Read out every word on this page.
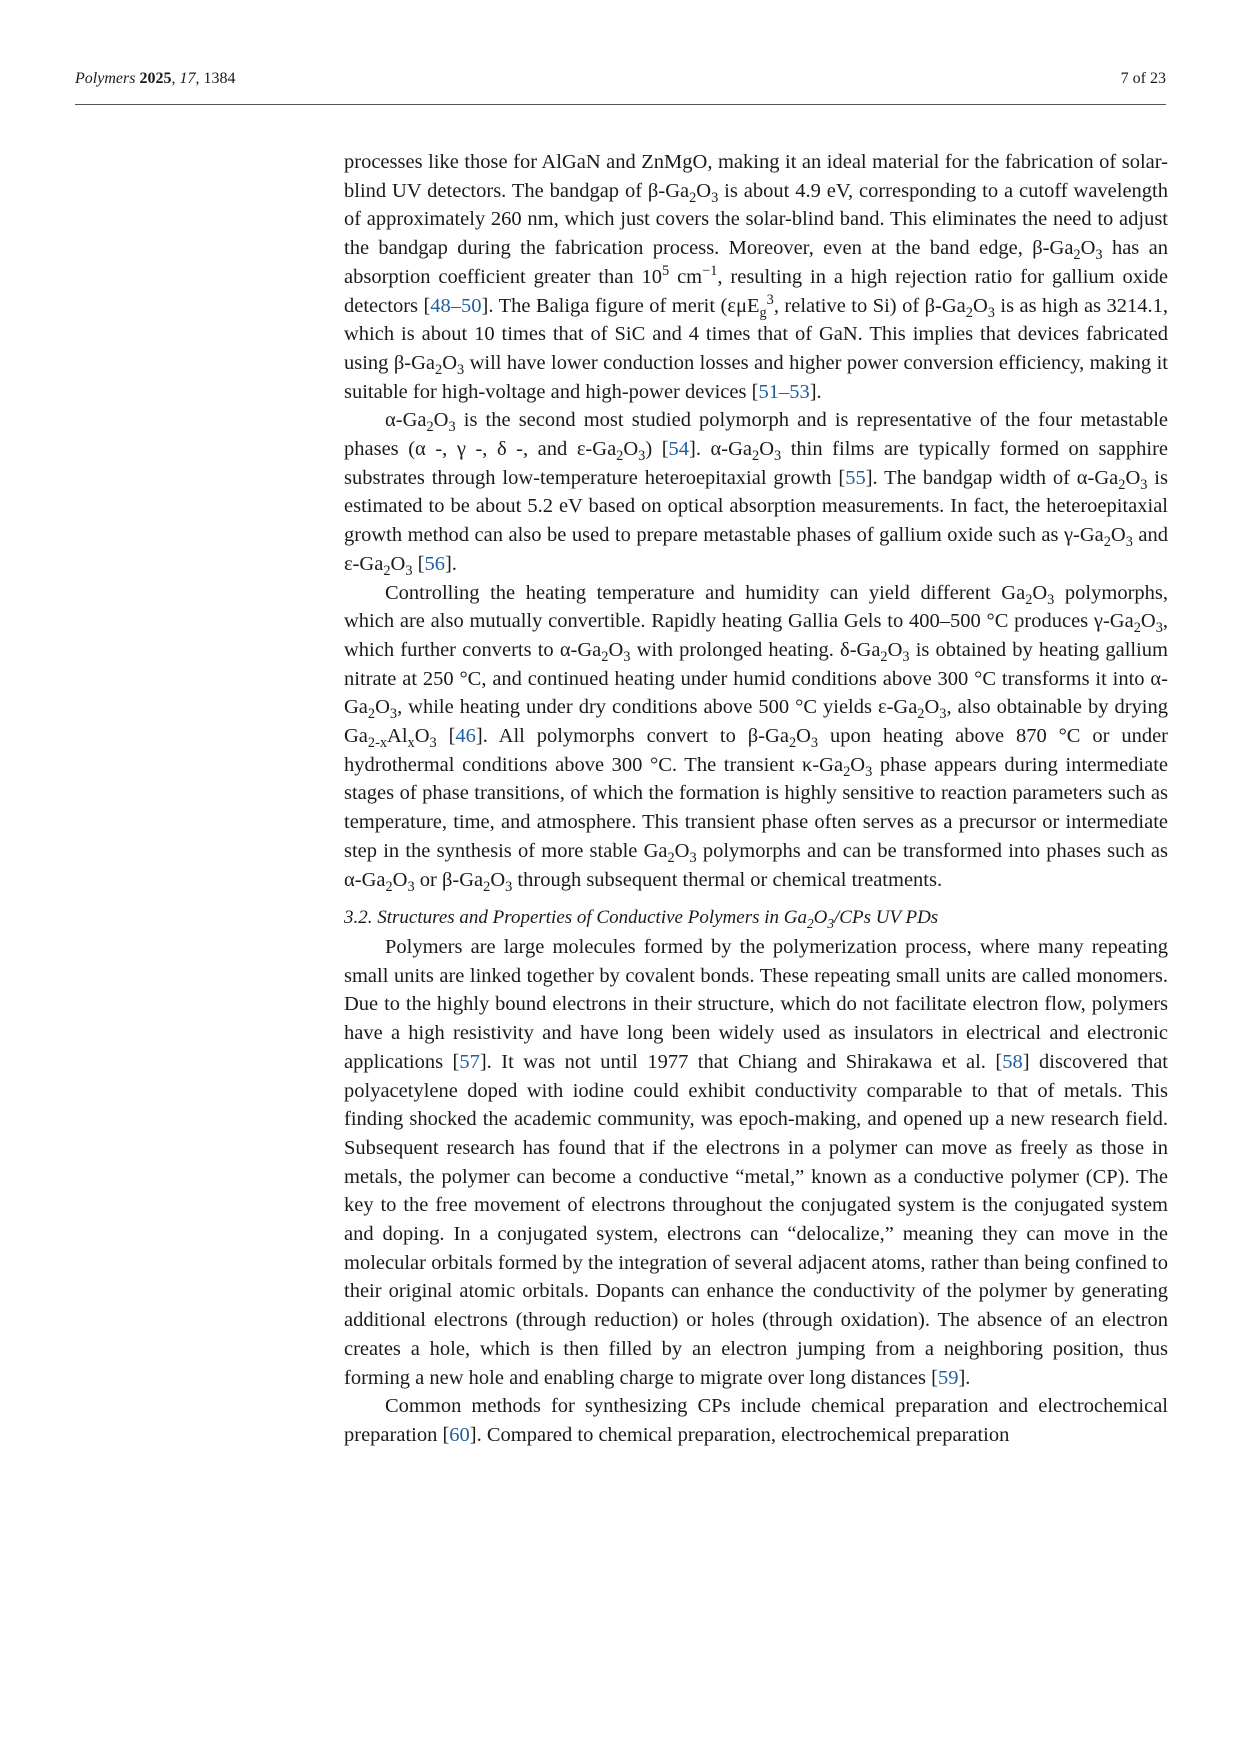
Polymers 2025, 17, 1384	7 of 23

processes like those for AlGaN and ZnMgO, making it an ideal material for the fabrication of solar-blind UV detectors. The bandgap of $\beta-Ga_2O_3$ is about 4.9 eV, corresponding to a cutoff wavelength of approximately 260 nm, which just covers the solar-blind band. This eliminates the need to adjust the bandgap during the fabrication process. Moreover, even at the band edge, $\beta-Ga_2O_3$ has an absorption coefficient greater than $10^5$ $cm^{-1}$, resulting in a high rejection ratio for gallium oxide detectors [48–50]. The Baliga figure of merit (εμE$_g^3$, relative to Si) of $\beta-Ga_2O_3$ is as high as 3214.1, which is about 10 times that of SiC and 4 times that of GaN. This implies that devices fabricated using $\beta-Ga_2O_3$ will have lower conduction losses and higher power conversion efficiency, making it suitable for high-voltage and high-power devices [51–53].

$\alpha-Ga_2O_3$ is the second most studied polymorph and is representative of the four metastable phases (α -, γ -, δ -, and $\varepsilon-Ga_2O_3$) [54]. $\alpha-Ga_2O_3$ thin films are typically formed on sapphire substrates through low-temperature heteroepitaxial growth [55]. The bandgap width of $\alpha-Ga_2O_3$ is estimated to be about 5.2 eV based on optical absorption measurements. In fact, the heteroepitaxial growth method can also be used to prepare metastable phases of gallium oxide such as $\gamma-Ga_2O_3$ and $\varepsilon-Ga_2O_3$ [56].

Controlling the heating temperature and humidity can yield different $Ga_2O_3$ polymorphs, which are also mutually convertible. Rapidly heating Gallia Gels to 400–500 °C produces $\gamma-Ga_2O_3$, which further converts to $\alpha-Ga_2O_3$ with prolonged heating. $\delta-Ga_2O_3$ is obtained by heating gallium nitrate at 250 °C, and continued heating under humid conditions above 300 °C transforms it into $\alpha-Ga_2O_3$, while heating under dry conditions above 500 °C yields $\varepsilon-Ga_2O_3$, also obtainable by drying $Ga_{2-x}Al_xO_3$ [46]. All polymorphs convert to $\beta-Ga_2O_3$ upon heating above 870 °C or under hydrothermal conditions above 300 °C. The transient $\kappa-Ga_2O_3$ phase appears during intermediate stages of phase transitions, of which the formation is highly sensitive to reaction parameters such as temperature, time, and atmosphere. This transient phase often serves as a precursor or intermediate step in the synthesis of more stable $Ga_2O_3$ polymorphs and can be transformed into phases such as $\alpha-Ga_2O_3$ or $\beta-Ga_2O_3$ through subsequent thermal or chemical treatments.

3.2. Structures and Properties of Conductive Polymers in $Ga_2O_3$/CPs UV PDs

Polymers are large molecules formed by the polymerization process, where many repeating small units are linked together by covalent bonds. These repeating small units are called monomers. Due to the highly bound electrons in their structure, which do not facilitate electron flow, polymers have a high resistivity and have long been widely used as insulators in electrical and electronic applications [57]. It was not until 1977 that Chiang and Shirakawa et al. [58] discovered that polyacetylene doped with iodine could exhibit conductivity comparable to that of metals. This finding shocked the academic community, was epoch-making, and opened up a new research field. Subsequent research has found that if the electrons in a polymer can move as freely as those in metals, the polymer can become a conductive “metal,” known as a conductive polymer (CP). The key to the free movement of electrons throughout the conjugated system is the conjugated system and doping. In a conjugated system, electrons can “delocalize,” meaning they can move in the molecular orbitals formed by the integration of several adjacent atoms, rather than being confined to their original atomic orbitals. Dopants can enhance the conductivity of the polymer by generating additional electrons (through reduction) or holes (through oxidation). The absence of an electron creates a hole, which is then filled by an electron jumping from a neighboring position, thus forming a new hole and enabling charge to migrate over long distances [59].

Common methods for synthesizing CPs include chemical preparation and electrochemical preparation [60]. Compared to chemical preparation, electrochemical preparation
